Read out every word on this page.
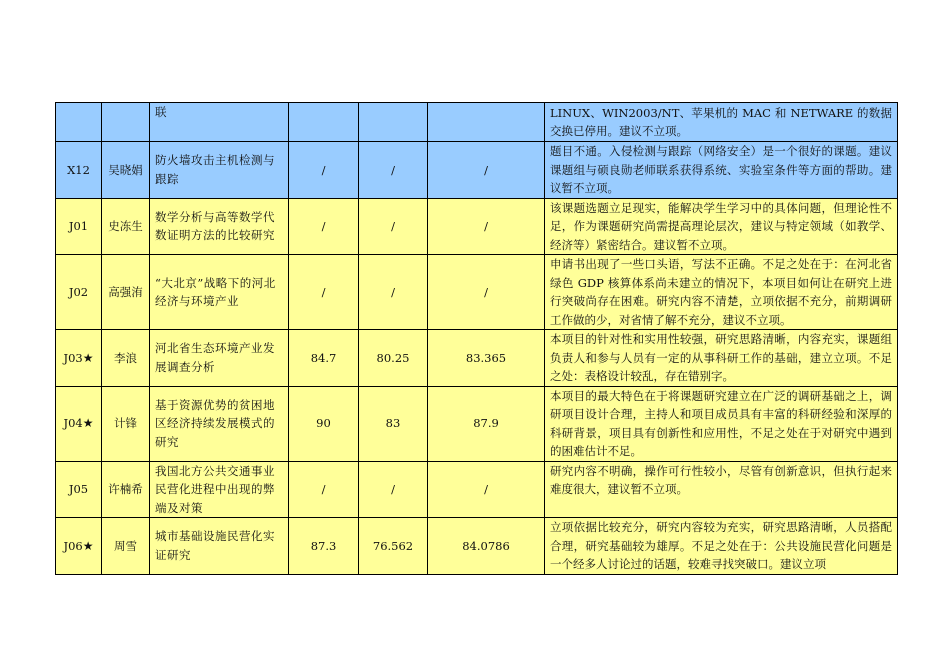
		联				LINUX、WIN2003/NT、苹果机的 MAC 和 NETWARE 的数据交换已停用。建议不立项。
X12	吴晓娟	防火墙攻击主机检测与跟踪	/	/	/	题目不通。入侵检测与跟踪（网络安全）是一个很好的课题。建议课题组与硕良勋老师联系获得系统、实验室条件等方面的帮助。建议暂不立项。
J01	史冻生	数学分析与高等数学代数证明方法的比较研究	/	/	/	该课题选题立足现实，能解决学生学习中的具体问题，但理论性不足，作为课题研究尚需提高理论层次，建议与特定领域（如教学、经济等）紧密结合。建议暂不立项。
J02	高强洧	“大北京”战略下的河北经济与环境产业	/	/	/	申请书出现了一些口头语，写法不正确。不足之处在于：在河北省绿色 GDP 核算体系尚未建立的情况下，本项目如何让在研究上进行突破尚存在困难。研究内容不清楚，立项依据不充分，前期调研工作做的少，对省情了解不充分，建议不立项。
J03★	李浪	河北省生态环境产业发展调查分析	84.7	80.25	83.365	本项目的针对性和实用性较强，研究思路清晰，内容充实，课题组负责人和参与人员有一定的从事科研工作的基础，建立立项。不足之处：表格设计较乱，存在错别字。
J04★	计锋	基于资源优势的贫困地区经济持续发展模式的研究	90	83	87.9	本项目的最大特色在于将课题研究建立在广泛的调研基础之上，调研项目设计合理，主持人和项目成员具有丰富的科研经验和深厚的科研背景，项目具有创新性和应用性，不足之处在于对研究中遇到的困难估计不足。
J05	许楠希	我国北方公共交通事业民营化进程中出现的弊端及对策	/	/	/	研究内容不明确，操作可行性较小，尽管有创新意识，但执行起来难度很大，建议暂不立项。
J06★	周雪	城市基础设施民营化实证研究	87.3	76.562	84.0786	立项依据比较充分，研究内容较为充实，研究思路清晰，人员搭配合理，研究基础较为雄厚。不足之处在于：公共设施民营化问题是一个经多人讨论过的话题，较难寻找突破口。建议立项
